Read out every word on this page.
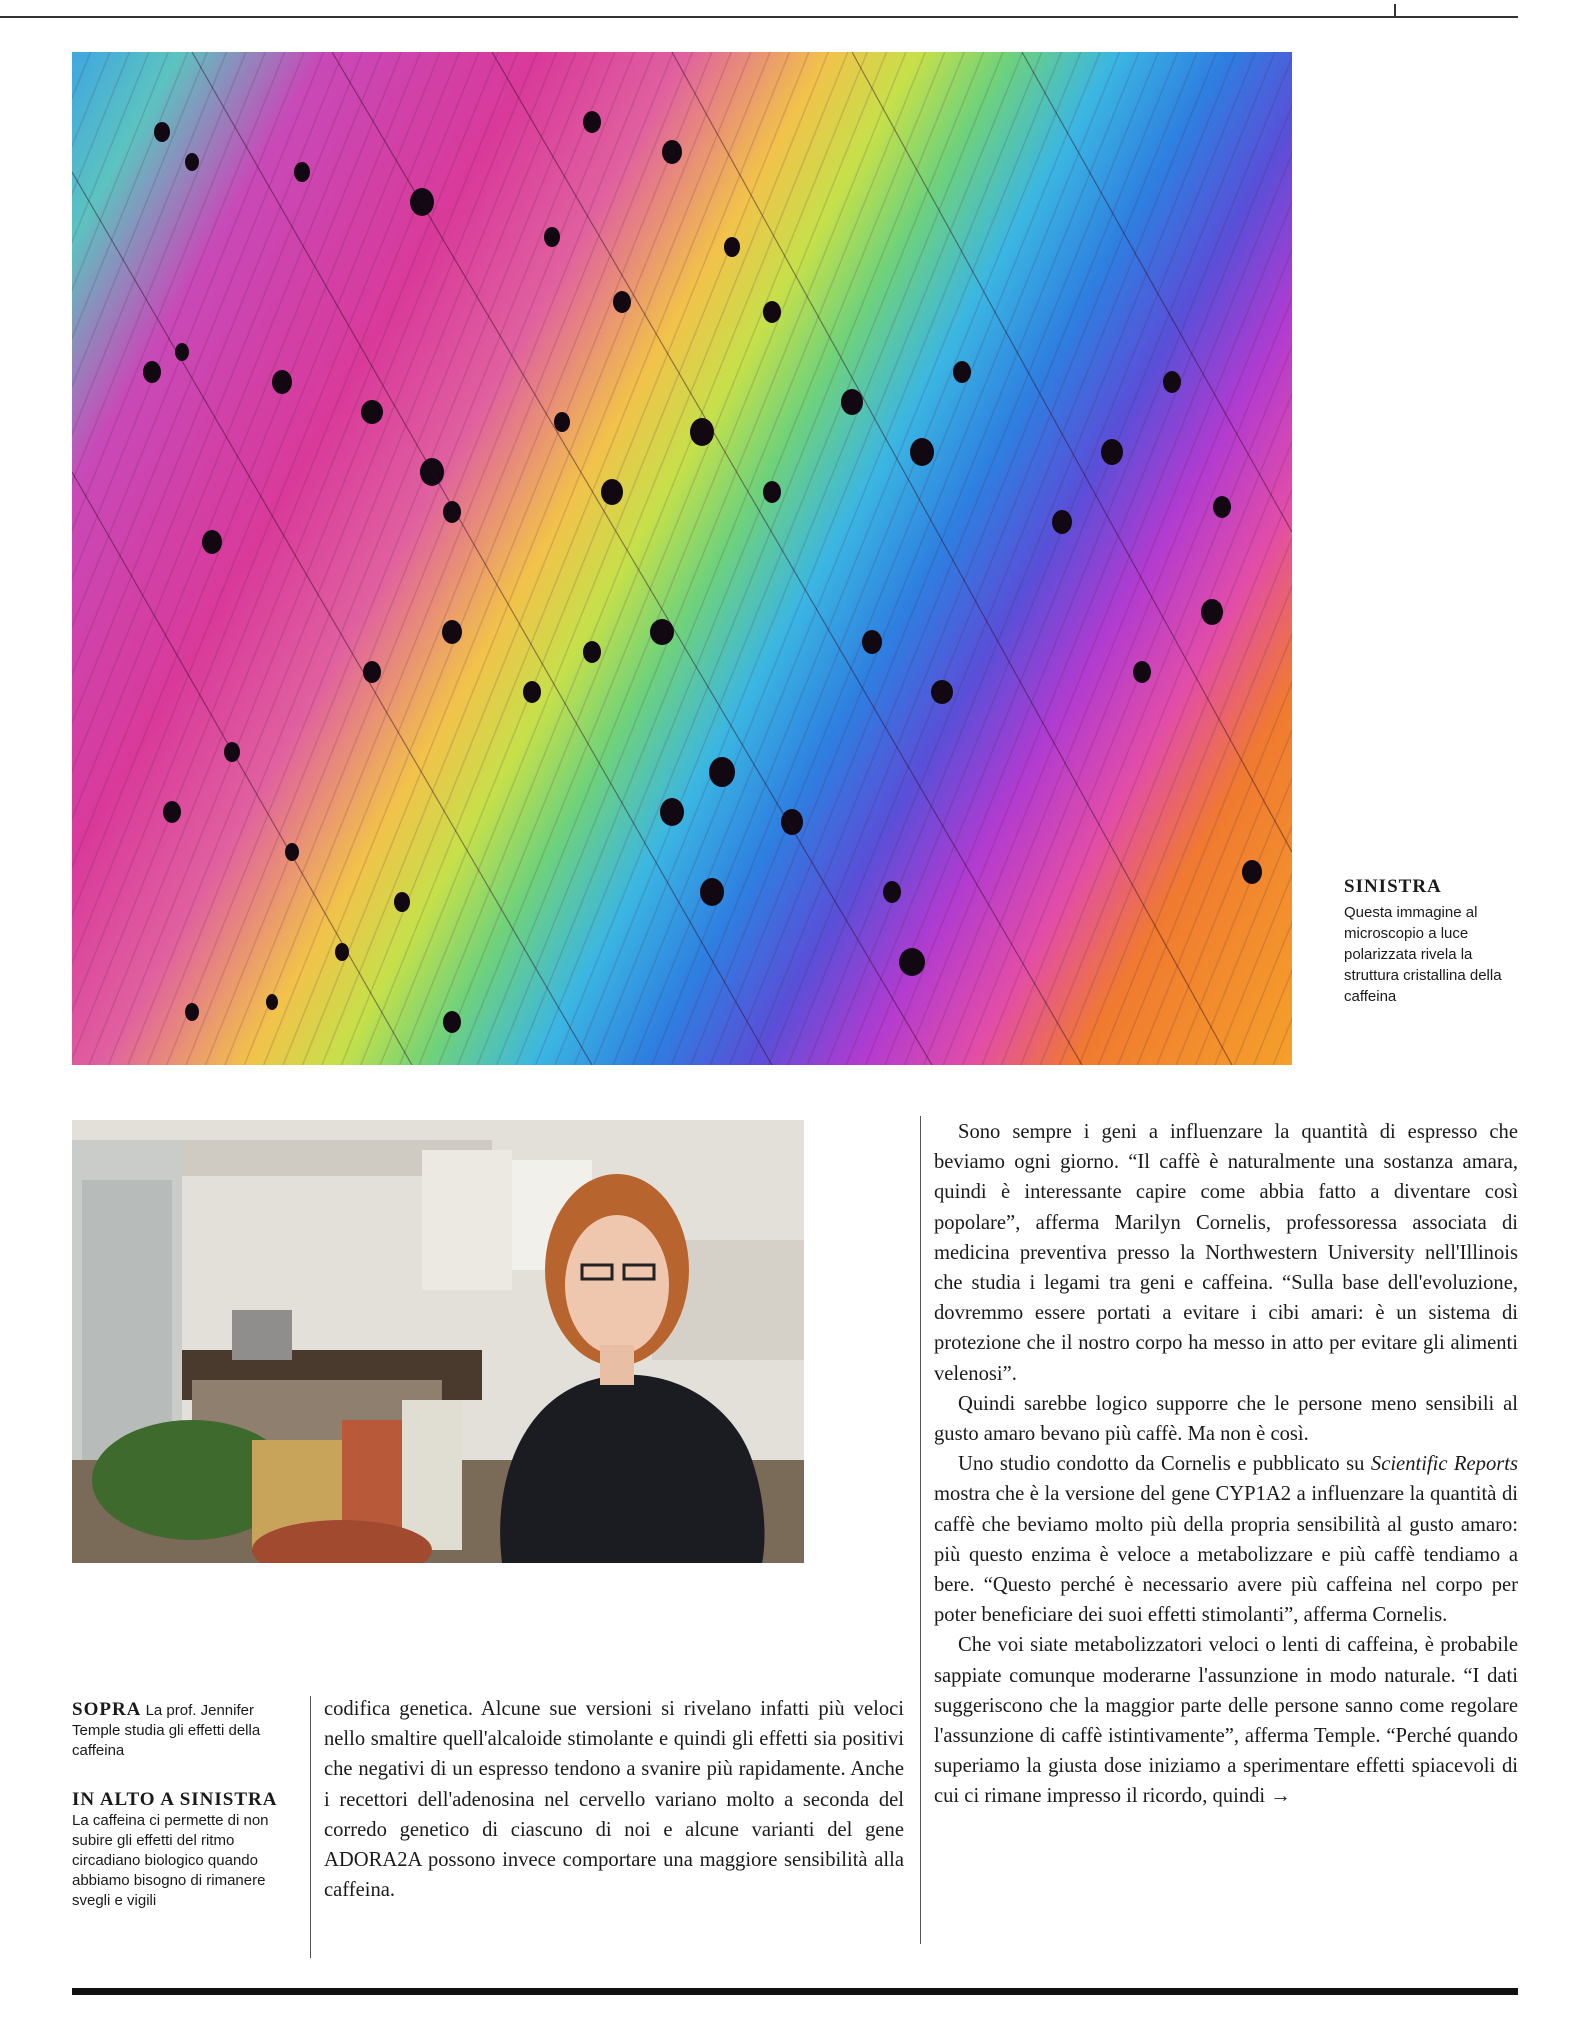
SINISTRA
Questa immagine al microscopio a luce polarizzata rivela la struttura cristallina della caffeina
SOPRA La prof. Jennifer Temple studia gli effetti della caffeina
IN ALTO A SINISTRA La caffeina ci permette di non subire gli effetti del ritmo circadiano biologico quando abbiamo bisogno di rimanere svegli e vigili

codifica genetica. Alcune sue versioni si rivelano infatti più veloci nello smaltire quell'alcaloide stimolante e quindi gli effetti sia positivi che negativi di un espresso tendono a svanire più rapidamente. Anche i recettori dell'adenosina nel cervello variano molto a seconda del corredo genetico di ciascuno di noi e alcune varianti del gene ADORA2A possono invece comportare una maggiore sensibilità alla caffeina.

Sono sempre i geni a influenzare la quantità di espresso che beviamo ogni giorno. “Il caffè è naturalmente una sostanza amara, quindi è interessante capire come abbia fatto a diventare così popolare”, afferma Marilyn Cornelis, professoressa associata di medicina preventiva presso la Northwestern University nell'Illinois che studia i legami tra geni e caffeina. “Sulla base dell'evoluzione, dovremmo essere portati a evitare i cibi amari: è un sistema di protezione che il nostro corpo ha messo in atto per evitare gli alimenti velenosi”.

Quindi sarebbe logico supporre che le persone meno sensibili al gusto amaro bevano più caffè. Ma non è così.

Uno studio condotto da Cornelis e pubblicato su Scientific Reports mostra che è la versione del gene CYP1A2 a influenzare la quantità di caffè che beviamo molto più della propria sensibilità al gusto amaro: più questo enzima è veloce a metabolizzare e più caffè tendiamo a bere. “Questo perché è necessario avere più caffeina nel corpo per poter beneficiare dei suoi effetti stimolanti”, afferma Cornelis.

Che voi siate metabolizzatori veloci o lenti di caffeina, è probabile sappiate comunque moderarne l'assunzione in modo naturale. “I dati suggeriscono che la maggior parte delle persone sanno come regolare l'assunzione di caffè istintivamente”, afferma Temple. “Perché quando superiamo la giusta dose iniziamo a sperimentare effetti spiacevoli di cui ci rimane impresso il ricordo, quindi →
